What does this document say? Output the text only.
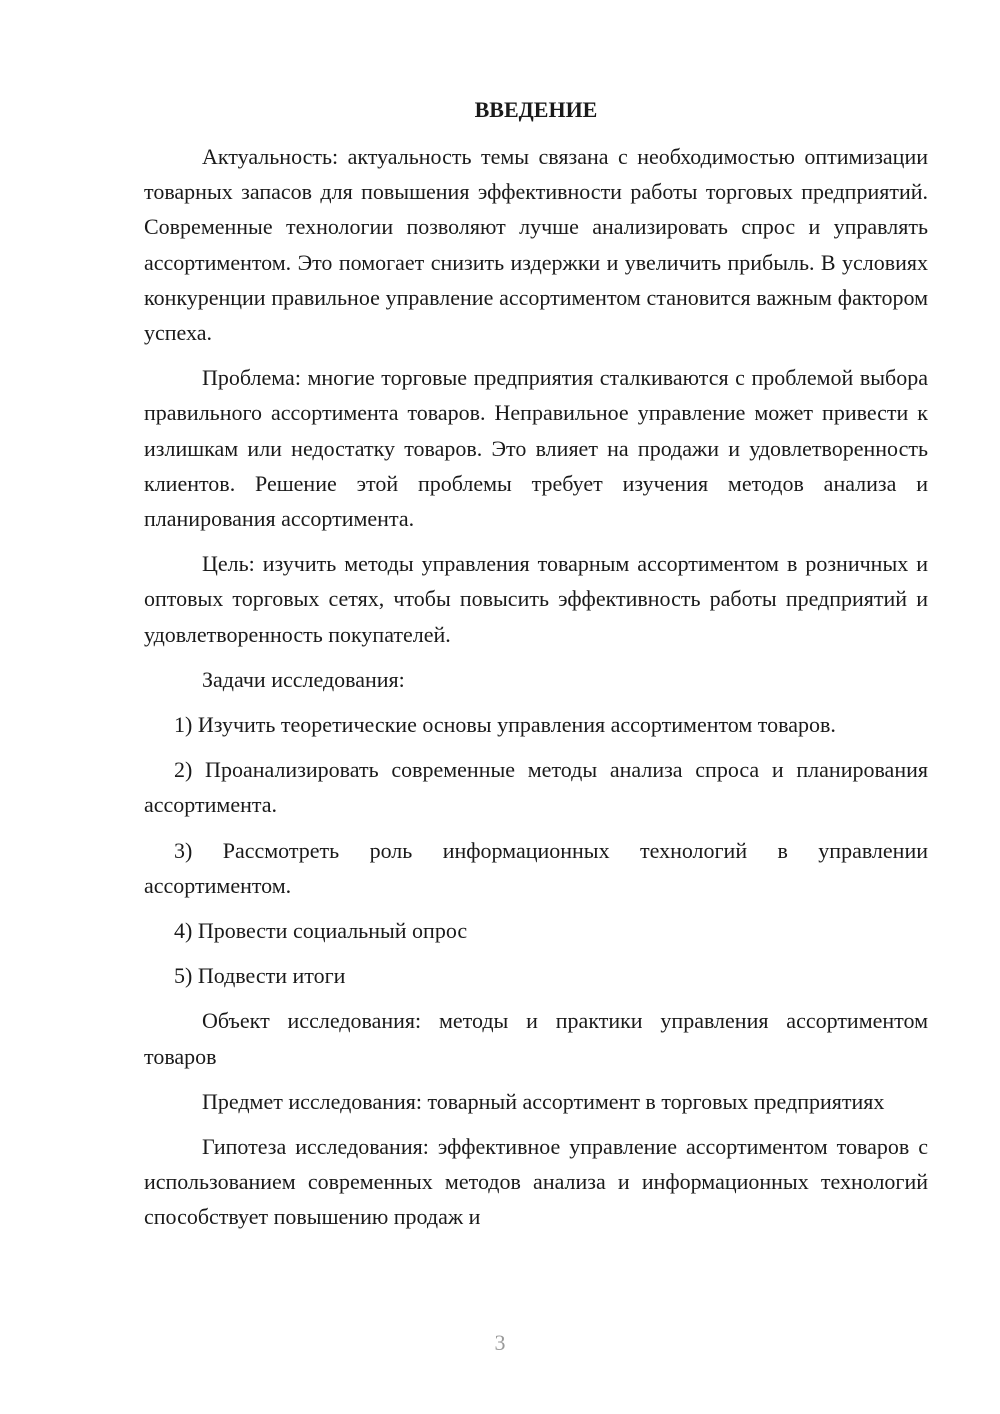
ВВЕДЕНИЕ

Актуальность: актуальность темы связана с необходимостью оптимизации товарных запасов для повышения эффективности работы торговых предприятий. Современные технологии позволяют лучше анализировать спрос и управлять ассортиментом. Это помогает снизить издержки и увеличить прибыль. В условиях конкуренции правильное управление ассортиментом становится важным фактором успеха.

Проблема: многие торговые предприятия сталкиваются с проблемой выбора правильного ассортимента товаров. Неправильное управление может привести к излишкам или недостатку товаров. Это влияет на продажи и удовлетворенность клиентов. Решение этой проблемы требует изучения методов анализа и планирования ассортимента.

Цель: изучить методы управления товарным ассортиментом в розничных и оптовых торговых сетях, чтобы повысить эффективность работы предприятий и удовлетворенность покупателей.

Задачи исследования:

1) Изучить теоретические основы управления ассортиментом товаров.

2) Проанализировать современные методы анализа спроса и планирования ассортимента.

3) Рассмотреть роль информационных технологий в управлении ассортиментом.

4) Провести социальный опрос

5) Подвести итоги

Объект исследования: методы и практики управления ассортиментом товаров

Предмет исследования: товарный ассортимент в торговых предприятиях

Гипотеза исследования: эффективное управление ассортиментом товаров с использованием современных методов анализа и информационных технологий способствует повышению продаж и

3
